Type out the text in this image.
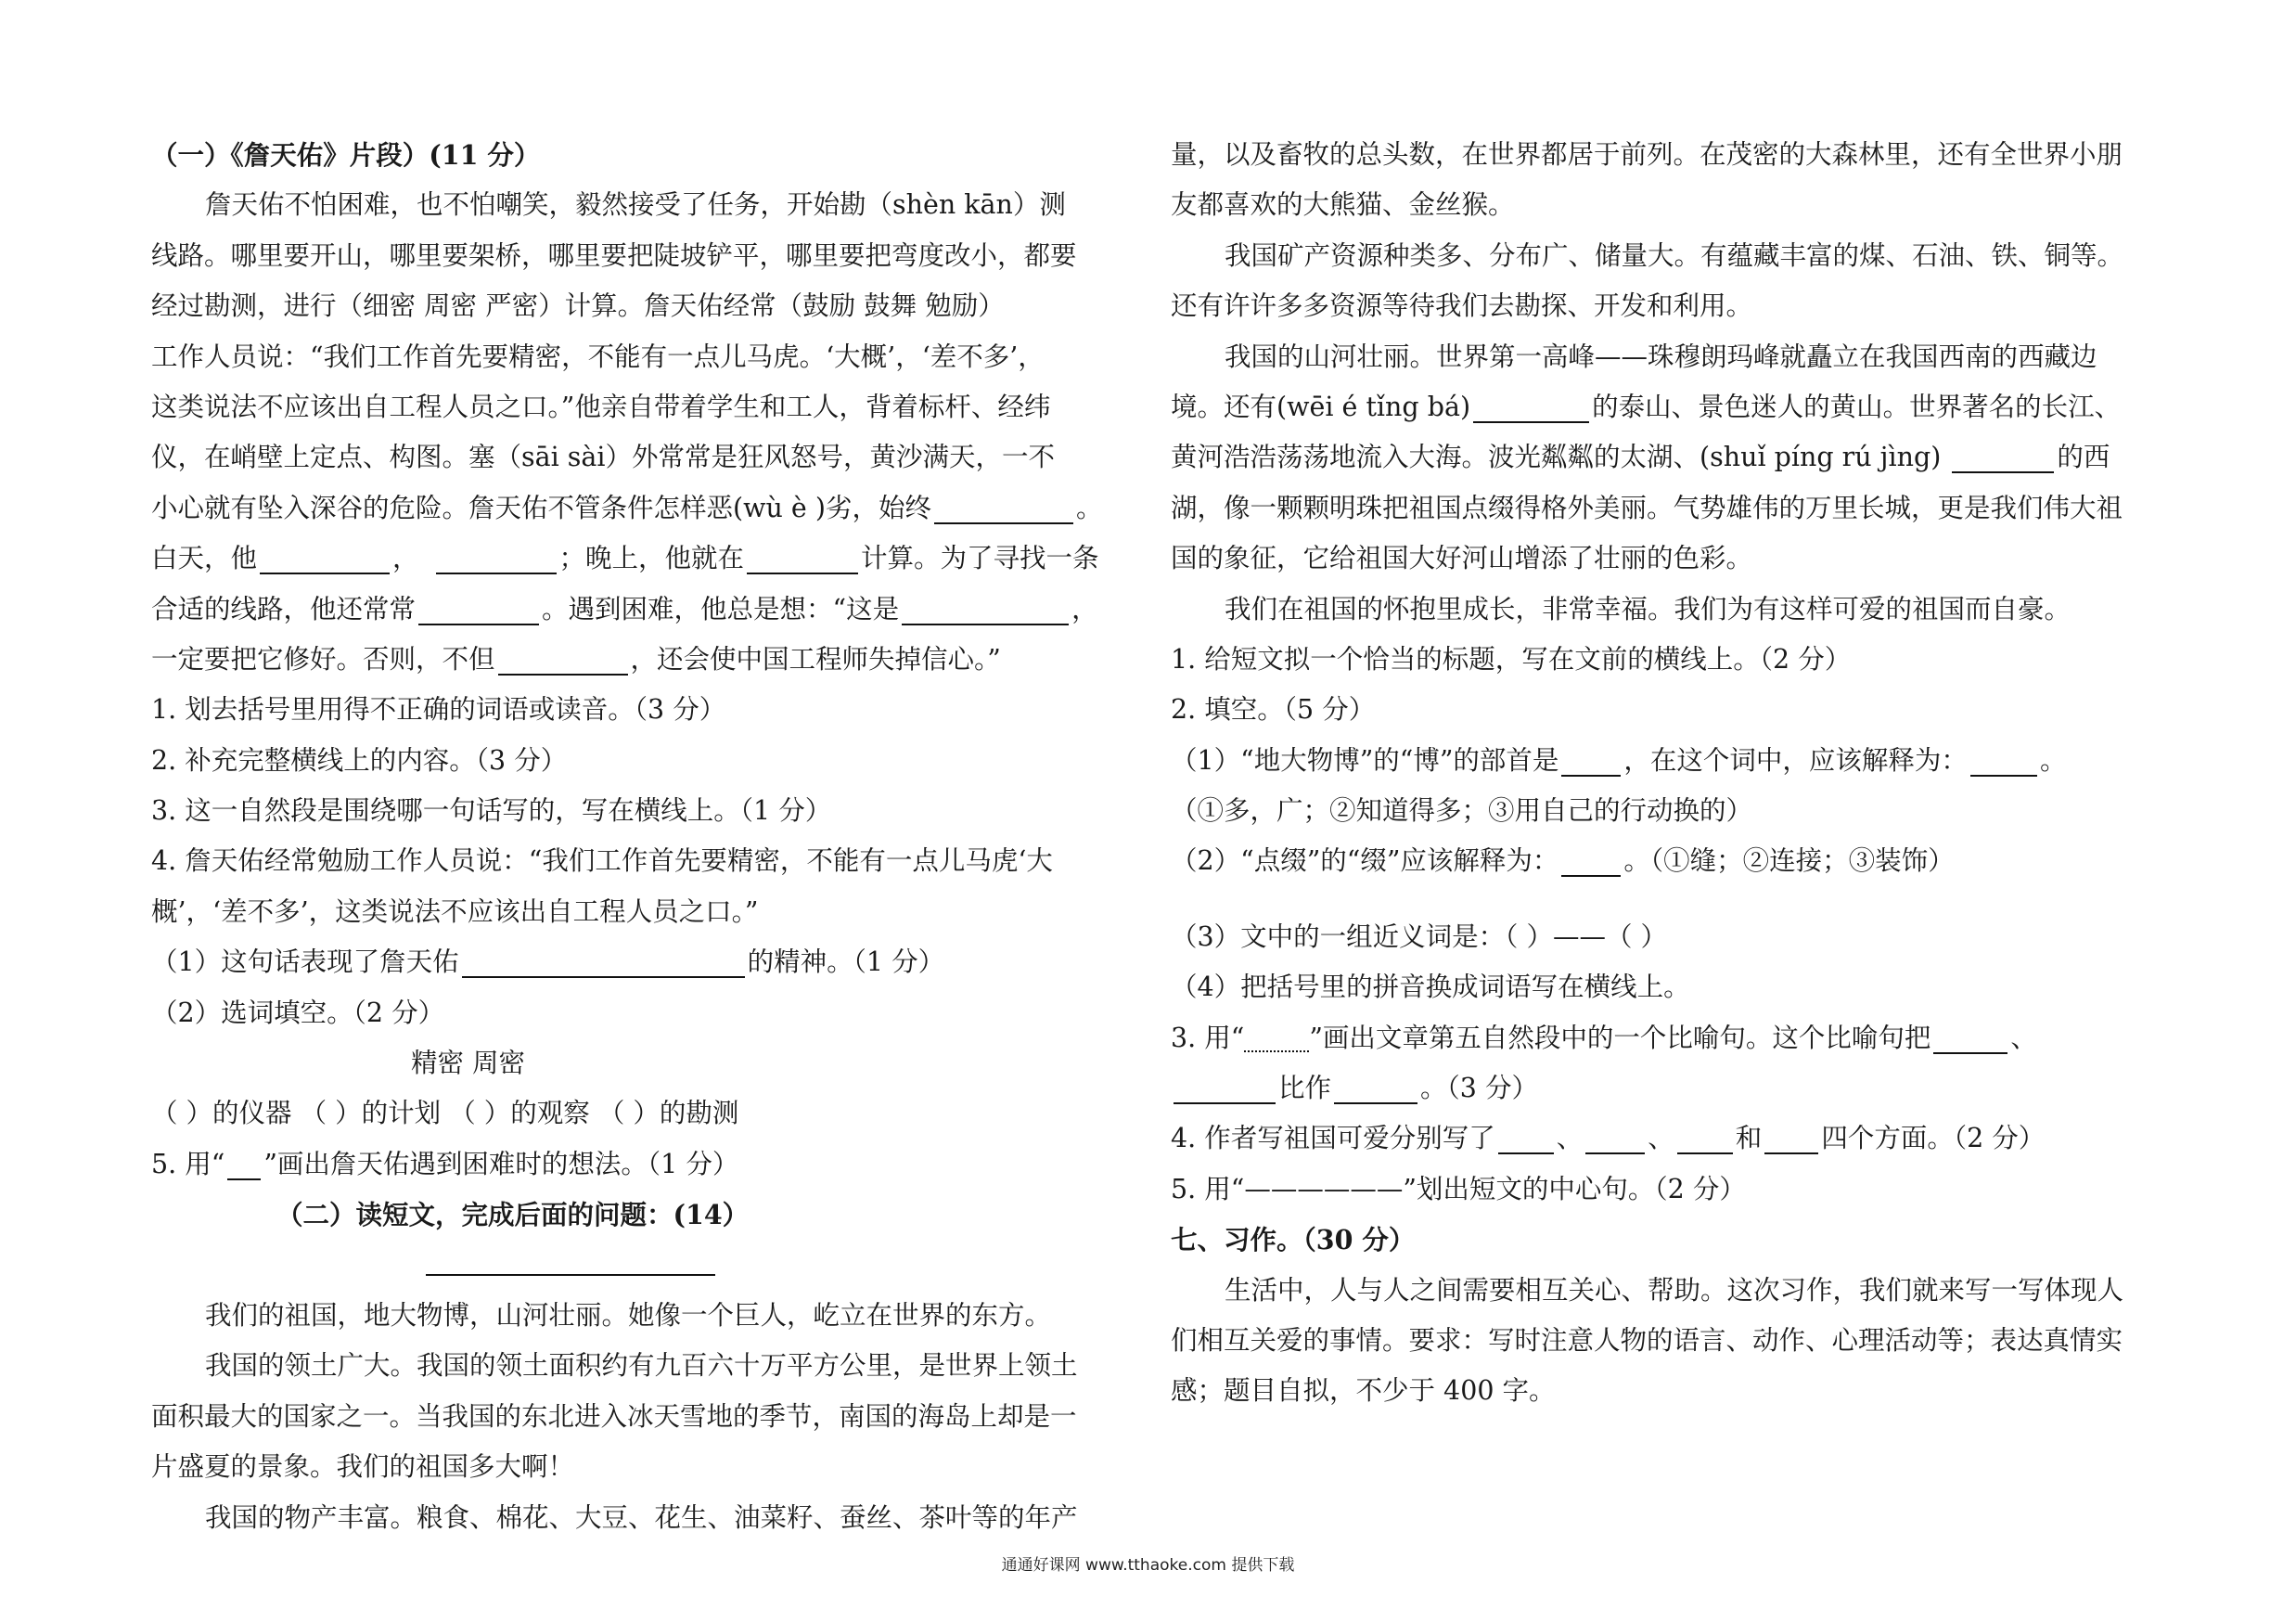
（一）《詹天佑》片段）(11 分）
詹天佑不怕困难，也不怕嘲笑，毅然接受了任务，开始勘（shèn kān）测
线路。哪里要开山，哪里要架桥，哪里要把陡坡铲平，哪里要把弯度改小，都要
经过勘测，进行（细密 周密 严密）计算。詹天佑经常（鼓励 鼓舞 勉励）
工作人员说：“我们工作首先要精密，不能有一点儿马虎。‘大概’，‘差不多’，
这类说法不应该出自工程人员之口。”他亲自带着学生和工人，背着标杆、经纬
仪，在峭壁上定点、构图。塞（sāi sài）外常常是狂风怒号，黄沙满天，一不
小心就有坠入深谷的危险。詹天佑不管条件怎样恶(wù è )劣，始终	。
白天，他	，	；晚上，他就在	计算。为了寻找一条
合适的线路，他还常常	。遇到困难，他总是想：“这是	，
一定要把它修好。否则，不但	，还会使中国工程师失掉信心。”
1. 划去括号里用得不正确的词语或读音。（3 分）
2. 补充完整横线上的内容。（3 分）
3. 这一自然段是围绕哪一句话写的，写在横线上。（1 分）
4. 詹天佑经常勉励工作人员说：“我们工作首先要精密，不能有一点儿马虎‘大
概’，‘差不多’，这类说法不应该出自工程人员之口。”
（1）这句话表现了詹天佑	的精神。（1 分）
（2）选词填空。（2 分）
精密 周密
（ ）的仪器 （ ）的计划 （ ）的观察 （ ）的勘测
5. 用“ ”画出詹天佑遇到困难时的想法。（1 分）
（二）读短文，完成后面的问题：(14）
我们的祖国，地大物博，山河壮丽。她像一个巨人，屹立在世界的东方。
我国的领土广大。我国的领土面积约有九百六十万平方公里，是世界上领土
面积最大的国家之一。当我国的东北进入冰天雪地的季节，南国的海岛上却是一
片盛夏的景象。我们的祖国多大啊！
我国的物产丰富。粮食、棉花、大豆、花生、油菜籽、蚕丝、茶叶等的年产
量，以及畜牧的总头数，在世界都居于前列。在茂密的大森林里，还有全世界小朋
友都喜欢的大熊猫、金丝猴。
我国矿产资源种类多、分布广、储量大。有蕴藏丰富的煤、石油、铁、铜等。
还有许许多多资源等待我们去勘探、开发和利用。
我国的山河壮丽。世界第一高峰——珠穆朗玛峰就矗立在我国西南的西藏边
境。还有(wēi é tǐng bá)	的泰山、景色迷人的黄山。世界著名的长江、
黄河浩浩荡荡地流入大海。波光粼粼的太湖、(shuǐ píng rú jìng)	的西
湖，像一颗颗明珠把祖国点缀得格外美丽。气势雄伟的万里长城，更是我们伟大祖
国的象征，它给祖国大好河山增添了壮丽的色彩。
我们在祖国的怀抱里成长，非常幸福。我们为有这样可爱的祖国而自豪。
1. 给短文拟一个恰当的标题，写在文前的横线上。（2 分）
2. 填空。（5 分）
（1）“地大物博”的“博”的部首是 ，在这个词中，应该解释为：	。
（①多，广；②知道得多；③用自己的行动换的）
（2）“点缀”的“缀”应该解释为： 。（①缝；②连接；③装饰）
（3）文中的一组近义词是：（ ）——（ ）
（4）把括号里的拼音换成词语写在横线上。
3. 用“ ”画出文章第五自然段中的一个比喻句。这个比喻句把	、
比作	。（3 分）
4. 作者写祖国可爱分别写了 、 、 和 四个方面。（2 分）
5. 用“——————”划出短文的中心句。（2 分）
七、习作。（30 分）
生活中，人与人之间需要相互关心、帮助。这次习作，我们就来写一写体现人
们相互关爱的事情。要求：写时注意人物的语言、动作、心理活动等；表达真情实
感；题目自拟，不少于 400 字。
通通好课网 www.tthaoke.com 提供下载
